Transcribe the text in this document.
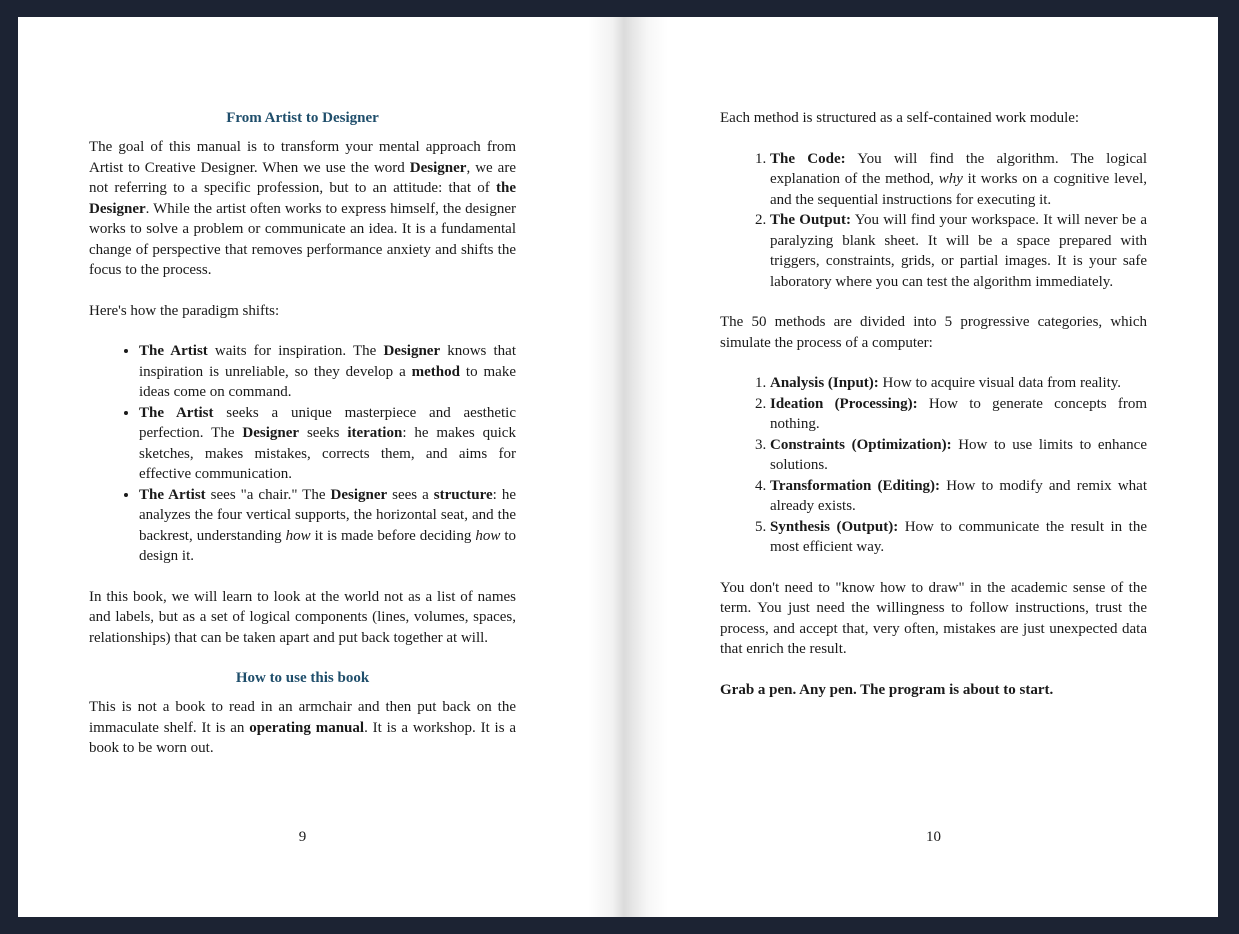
From Artist to Designer

The goal of this manual is to transform your mental approach from Artist to Creative Designer. When we use the word Designer, we are not referring to a specific profession, but to an attitude: that of the Designer. While the artist often works to express himself, the designer works to solve a problem or communicate an idea. It is a fundamental change of perspective that removes performance anxiety and shifts the focus to the process.

Here's how the paradigm shifts:

• The Artist waits for inspiration. The Designer knows that inspiration is unreliable, so they develop a method to make ideas come on command.
• The Artist seeks a unique masterpiece and aesthetic perfection. The Designer seeks iteration: he makes quick sketches, makes mistakes, corrects them, and aims for effective communication.
• The Artist sees "a chair." The Designer sees a structure: he analyzes the four vertical supports, the horizontal seat, and the backrest, understanding how it is made before deciding how to design it.

In this book, we will learn to look at the world not as a list of names and labels, but as a set of logical components (lines, volumes, spaces, relationships) that can be taken apart and put back together at will.

How to use this book

This is not a book to read in an armchair and then put back on the immaculate shelf. It is an operating manual. It is a workshop. It is a book to be worn out.

9

Each method is structured as a self-contained work module:

1. The Code: You will find the algorithm. The logical explanation of the method, why it works on a cognitive level, and the sequential instructions for executing it.
2. The Output: You will find your workspace. It will never be a paralyzing blank sheet. It will be a space prepared with triggers, constraints, grids, or partial images. It is your safe laboratory where you can test the algorithm immediately.

The 50 methods are divided into 5 progressive categories, which simulate the process of a computer:

1. Analysis (Input): How to acquire visual data from reality.
2. Ideation (Processing): How to generate concepts from nothing.
3. Constraints (Optimization): How to use limits to enhance solutions.
4. Transformation (Editing): How to modify and remix what already exists.
5. Synthesis (Output): How to communicate the result in the most efficient way.

You don't need to "know how to draw" in the academic sense of the term. You just need the willingness to follow instructions, trust the process, and accept that, very often, mistakes are just unexpected data that enrich the result.

Grab a pen. Any pen. The program is about to start.

10
